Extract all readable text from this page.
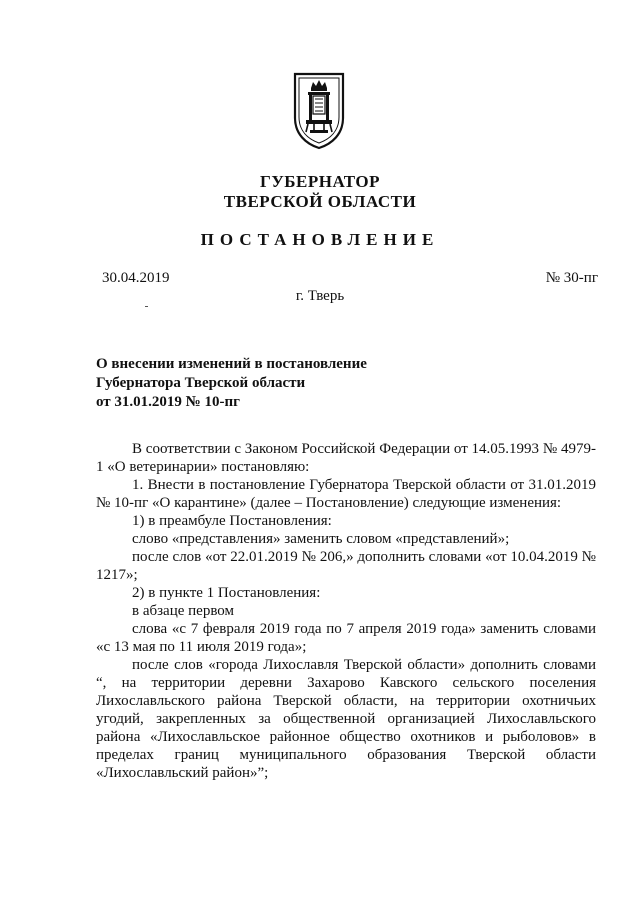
ГУБЕРНАТОР
ТВЕРСКОЙ ОБЛАСТИ
ПОСТАНОВЛЕНИЕ
30.04.2019	№ 30-пг
г. Тверь
О внесении изменений в постановление
Губернатора Тверской области
от 31.01.2019 № 10-пг

В соответствии с Законом Российской Федерации от 14.05.1993 № 4979-1 «О ветеринарии» постановляю:

1. Внести в постановление Губернатора Тверской области от 31.01.2019 № 10-пг «О карантине» (далее – Постановление) следующие изменения:

1) в преамбуле Постановления:

слово «представления» заменить словом «представлений»;

после слов «от 22.01.2019 № 206,» дополнить словами «от 10.04.2019 № 1217»;

2) в пункте 1 Постановления:

в абзаце первом

слова «с 7 февраля 2019 года по 7 апреля 2019 года» заменить словами «с 13 мая по 11 июля 2019 года»;

после слов «города Лихославля Тверской области» дополнить словами “, на территории деревни Захарово Кавского сельского поселения Лихославльского района Тверской области, на территории охотничьих угодий, закрепленных за общественной организацией Лихославльского района «Лихославльское районное общество охотников и рыболовов» в пределах границ муниципального образования Тверской области «Лихославльский район»”;
